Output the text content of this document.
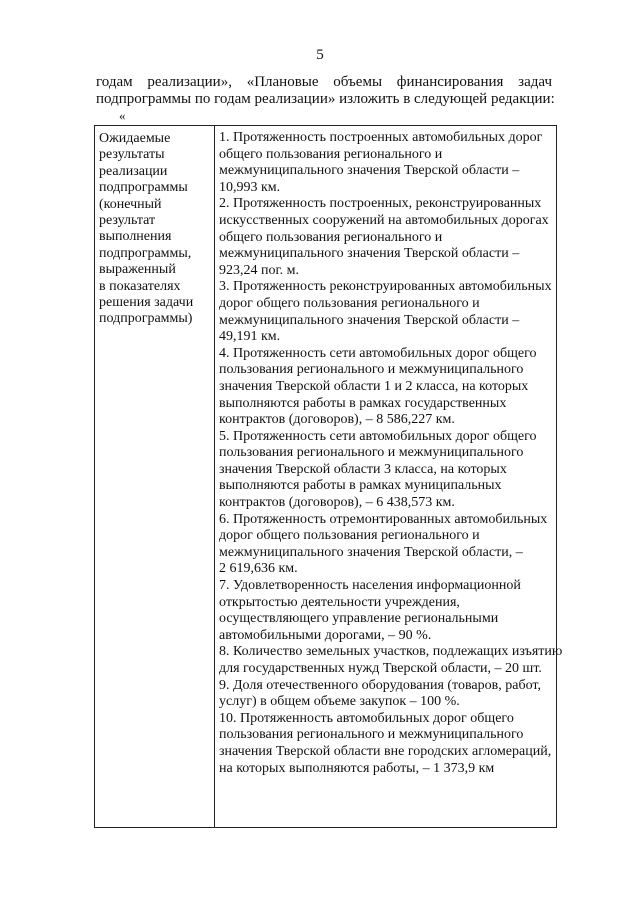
5
годам реализации», «Плановые объемы финансирования задач
подпрограммы по годам реализации» изложить в следующей редакции:
«
Ожидаемые
результаты
реализации
подпрограммы
(конечный
результат
выполнения
подпрограммы,
выраженный
в показателях
решения задачи
подпрограммы)
1. Протяженность построенных автомобильных дорог
общего пользования регионального и
межмуниципального значения Тверской области –
10,993 км.
2. Протяженность построенных, реконструированных
искусственных сооружений на автомобильных дорогах
общего пользования регионального и
межмуниципального значения Тверской области –
923,24 пог. м.
3. Протяженность реконструированных автомобильных
дорог общего пользования регионального и
межмуниципального значения Тверской области –
49,191 км.
4. Протяженность сети автомобильных дорог общего
пользования регионального и межмуниципального
значения Тверской области 1 и 2 класса, на которых
выполняются работы в рамках государственных
контрактов (договоров), – 8 586,227 км.
5. Протяженность сети автомобильных дорог общего
пользования регионального и межмуниципального
значения Тверской области 3 класса, на которых
выполняются работы в рамках муниципальных
контрактов (договоров), – 6 438,573 км.
6. Протяженность отремонтированных автомобильных
дорог общего пользования регионального и
межмуниципального значения Тверской области, –
2 619,636 км.
7. Удовлетворенность населения информационной
открытостью деятельности учреждения,
осуществляющего управление региональными
автомобильными дорогами, – 90 %.
8. Количество земельных участков, подлежащих изъятию
для государственных нужд Тверской области, – 20 шт.
9. Доля отечественного оборудования (товаров, работ,
услуг) в общем объеме закупок – 100 %.
10. Протяженность автомобильных дорог общего
пользования регионального и межмуниципального
значения Тверской области вне городских агломераций,
на которых выполняются работы, – 1 373,9 км
